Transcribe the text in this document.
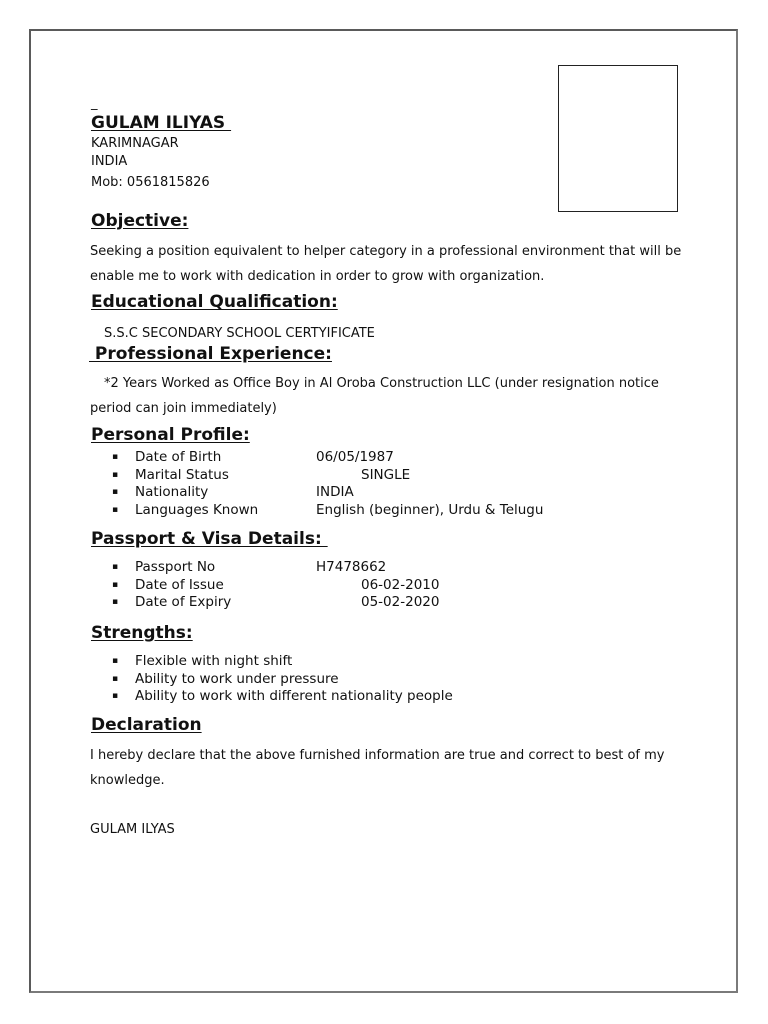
_
GULAM ILIYAS
KARIMNAGAR
INDIA
Mob: 0561815826
Objective:
Seeking a position equivalent to helper category in a professional environment that will be enable me to work with dedication in order to grow with organization.
Educational Qualification:
S.S.C SECONDARY SCHOOL CERTYIFICATE
Professional Experience:
*2 Years Worked as Office Boy in Al Oroba Construction LLC (under resignation notice period can join immediately)
Personal Profile:

▪

Date of Birth

	06/05/1987

▪

Marital Status

	SINGLE

▪

Nationality

	INDIA

▪

Languages Known

	English (beginner), Urdu & Telugu

Passport & Visa Details:

▪

Passport No

	H7478662

▪

Date of Issue

	06-02-2010

▪

Date of Expiry

	05-02-2020

Strengths:

▪

Flexible with night shift

▪

Ability to work under pressure

▪

Ability to work with different nationality people

Declaration
I hereby declare that the above furnished information are true and correct to best of my knowledge.
GULAM ILYAS
